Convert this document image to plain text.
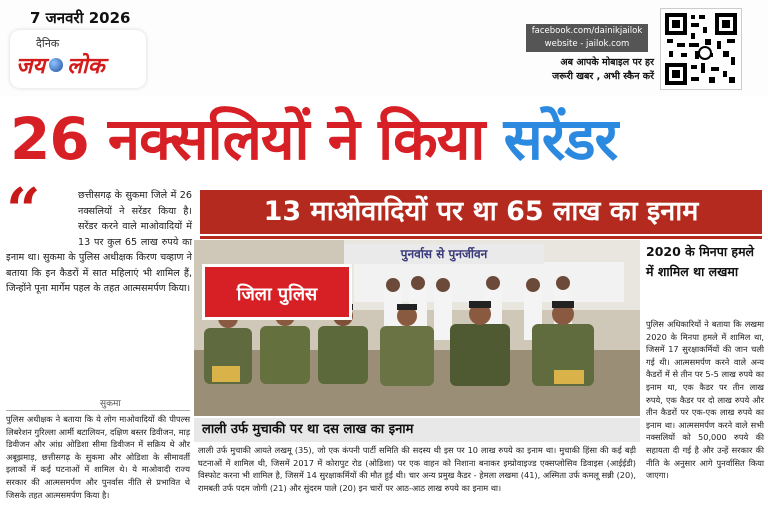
7 जनवरी 2026
दैनिक
जय लोक
facebook.com/dainikjailok
website - jailok.com
अब आपके मोबाइल पर हर
जरूरी खबर , अभी स्कैन करें
26 नक्सलियों ने किया सरेंडर
छत्तीसगढ़ के सुकमा जिले में 26 नक्सलियों ने सरेंडर किया है। सरेंडर करने वाले माओवादियों में 13 पर कुल 65 लाख रुपये का इनाम था। सुकमा के पुलिस अधीक्षक किरण चव्हाण ने बताया कि इन कैडरों में सात महिलाएं भी शामिल हैं, जिन्होंने पूना मार्गेम पहल के तहत आत्मसमर्पण किया।
“
सुकमा
पुलिस अधीक्षक ने बताया कि ये लोग माओवादियों की पीपल्स लिबरेशन गुरिल्ला आर्मी बटालियन, दक्षिण बस्तर डिवीजन, माड़ डिवीजन और आंध्र ओडिशा सीमा डिवीजन में सक्रिय थे और अबूझमाड़, छत्तीसगढ़ के सुकमा और ओडिशा के सीमावर्ती इलाकों में कई घटनाओं में शामिल थे। ये माओवादी राज्य सरकार की आत्मसमर्पण और पुनर्वास नीति से प्रभावित थे जिसके तहत आत्मसमर्पण किया है।
13 माओवादियों पर था 65 लाख का इनाम
जिला पुलिस
पुनर्वास से पुनर्जीवन
लाली उर्फ मुचाकी पर था दस लाख का इनाम
लाली उर्फ मुचाकी आयते लखमू (35), जो एक कंपनी पार्टी समिति की सदस्य थी इस पर 10 लाख रुपये का इनाम था। मुचाकी हिंसा की कई बड़ी घटनाओं में शामिल थी, जिसमें 2017 में कोरापुट रोड (ओडिशा) पर एक वाहन को निशाना बनाकर इम्प्रोवाइज्ड एक्सप्लोसिव डिवाइस (आईईडी) विस्फोट करना भी शामिल है, जिसमें 14 सुरक्षाकर्मियों की मौत हुई थी। चार अन्य प्रमुख कैडर - हेमला लखमा (41), अस्मिता उर्फ कमलू सन्नी (20), रामबती उर्फ पदम जोगी (21) और सुंदरम पाले (20) इन चारों पर आठ-आठ लाख रुपये का इनाम था।
2020 के मिनपा हमले में शामिल था लखमा
पुलिस अधिकारियों ने बताया कि लखमा 2020 के मिनपा हमले में शामिल था, जिसमें 17 सुरक्षाकर्मियों की जान चली गई थी। आत्मसमर्पण करने वाले अन्य कैडरों में से तीन पर 5-5 लाख रुपये का इनाम था, एक कैडर पर तीन लाख रुपये, एक कैडर पर दो लाख रुपये और तीन कैडरों पर एक-एक लाख रुपये का इनाम था। आत्मसमर्पण करने वाले सभी नक्सलियों को 50,000 रुपये की सहायता दी गई है और उन्हें सरकार की नीति के अनुसार आगे पुनर्वासित किया जाएगा।
